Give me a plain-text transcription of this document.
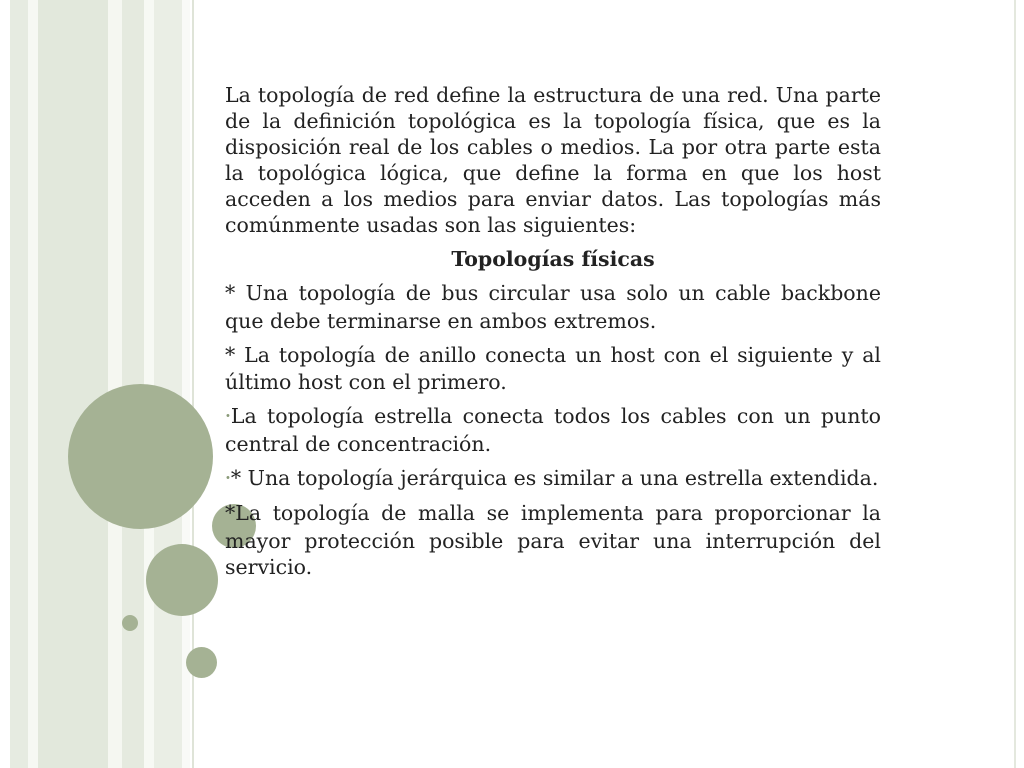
La topología de red define la estructura de una red. Una parte de la definición topológica es la topología física, que es la disposición real de los cables o medios. La por otra parte esta la topológica lógica, que define la forma en que los host acceden a los medios para enviar datos. Las topologías más comúnmente usadas son las siguientes:

Topologías físicas

* Una topología de bus circular usa solo un cable backbone que debe terminarse en ambos extremos.

* La topología de anillo conecta un host con el siguiente y al último host con el primero.

•La topología estrella conecta todos los cables con un punto central de concentración.

•* Una topología jerárquica es similar a una estrella extendida.

*La topología de malla se implementa para proporcionar la mayor protección posible para evitar una interrupción del servicio.
